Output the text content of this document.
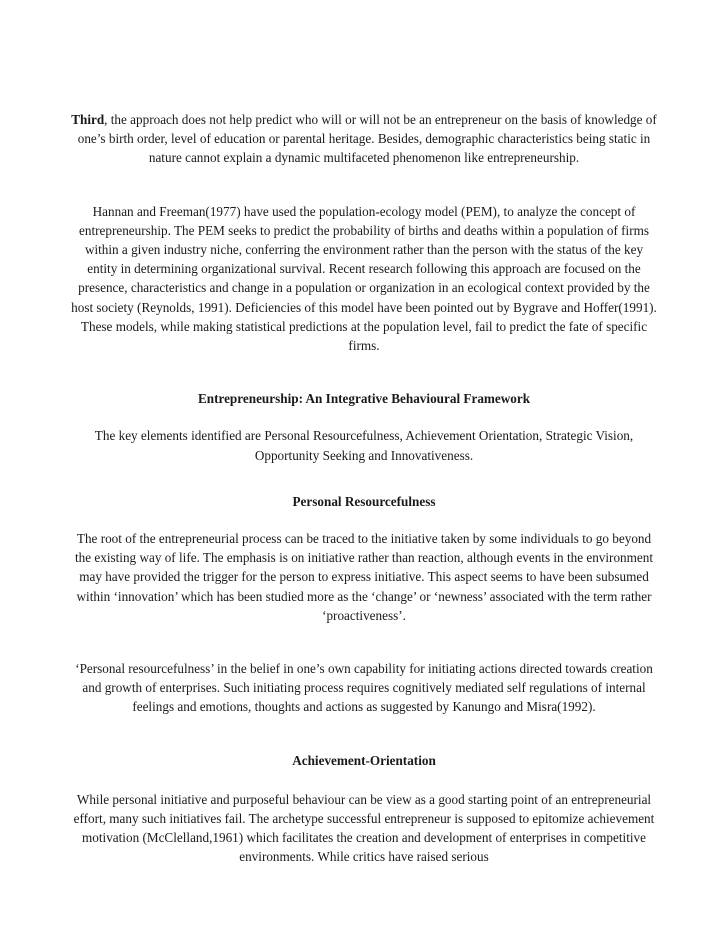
Third, the approach does not help predict who will or will not be an entrepreneur on the basis of knowledge of one’s birth order, level of education or parental heritage. Besides, demographic characteristics being static in nature cannot explain a dynamic multifaceted phenomenon like entrepreneurship.

Hannan and Freeman(1977) have used the population-ecology model (PEM), to analyze the concept of entrepreneurship. The PEM seeks to predict the probability of births and deaths within a population of firms within a given industry niche, conferring the environment rather than the person with the status of the key entity in determining organizational survival. Recent research following this approach are focused on the presence, characteristics and change in a population or organization in an ecological context provided by the host society (Reynolds, 1991). Deficiencies of this model have been pointed out by Bygrave and Hoffer(1991). These models, while making statistical predictions at the population level, fail to predict the fate of specific firms.

Entrepreneurship: An Integrative Behavioural Framework

The key elements identified are Personal Resourcefulness, Achievement Orientation, Strategic Vision, Opportunity Seeking and Innovativeness.

Personal Resourcefulness

The root of the entrepreneurial process can be traced to the initiative taken by some individuals to go beyond the existing way of life. The emphasis is on initiative rather than reaction, although events in the environment may have provided the trigger for the person to express initiative. This aspect seems to have been subsumed within ‘innovation’ which has been studied more as the ‘change’ or ‘newness’ associated with the term rather ‘proactiveness’.

‘Personal resourcefulness’ in the belief in one’s own capability for initiating actions directed towards creation and growth of enterprises. Such initiating process requires cognitively mediated self regulations of internal feelings and emotions, thoughts and actions as suggested by Kanungo and Misra(1992).

Achievement-Orientation

While personal initiative and purposeful behaviour can be view as a good starting point of an entrepreneurial effort, many such initiatives fail. The archetype successful entrepreneur is supposed to epitomize achievement motivation (McClelland,1961) which facilitates the creation and development of enterprises in competitive environments. While critics have raised serious
